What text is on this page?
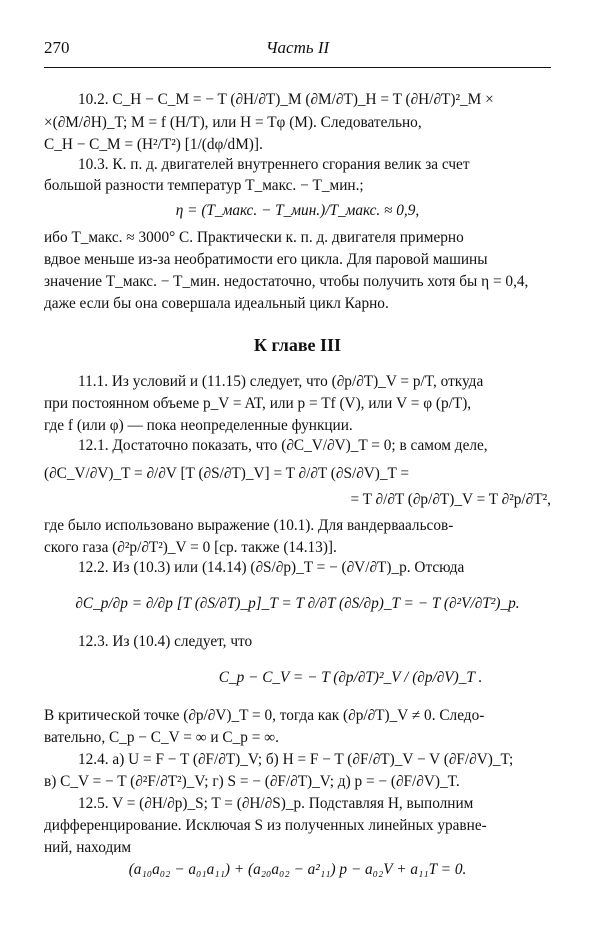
270	Часть II
10.2. C_H − C_M = − T (∂H/∂T)_M (∂M/∂T)_H = T (∂H/∂T)²_M ×
×(∂M/∂H)_T; M = f (H/T), или H = Tφ (M). Следовательно,
C_H − C_M = (H²/T²) [1/(dφ/dM)].
10.3. К. п. д. двигателей внутреннего сгорания велик за счет
большой разности температур T_макс. − T_мин.;
η = (T_макс. − T_мин.)/T_макс. ≈ 0,9,
ибо T_макс. ≈ 3000° C. Практически к. п. д. двигателя примерно
вдвое меньше из-за необратимости его цикла. Для паровой машины
значение T_макс. − T_мин. недостаточно, чтобы получить хотя бы η = 0,4,
даже если бы она совершала идеальный цикл Карно.
К главе III
11.1. Из условий и (11.15) следует, что (∂p/∂T)_V = p/T, откуда
при постоянном объеме p_V = AT, или p = Tf (V), или V = φ (p/T),
где f (или φ) — пока неопределенные функции.
12.1. Достаточно показать, что (∂C_V/∂V)_T = 0; в самом деле,
(∂C_V/∂V)_T = ∂/∂V [T (∂S/∂T)_V] = T ∂/∂T (∂S/∂V)_T =
= T ∂/∂T (∂p/∂T)_V = T ∂²p/∂T²,
где было использовано выражение (10.1). Для вандерваальсов-
ского газа (∂²p/∂T²)_V = 0 [ср. также (14.13)].
12.2. Из (10.3) или (14.14) (∂S/∂p)_T = − (∂V/∂T)_p. Отсюда
∂C_p/∂p = ∂/∂p [T (∂S/∂T)_p]_T = T ∂/∂T (∂S/∂p)_T = − T (∂²V/∂T²)_p.
12.3. Из (10.4) следует, что
C_p − C_V = − T (∂p/∂T)²_V / (∂p/∂V)_T .
В критической точке (∂p/∂V)_T = 0, тогда как (∂p/∂T)_V ≠ 0. Следо-
вательно, C_p − C_V = ∞ и C_p = ∞.
12.4. а) U = F − T (∂F/∂T)_V; б) H = F − T (∂F/∂T)_V − V (∂F/∂V)_T;
в) C_V = − T (∂²F/∂T²)_V; г) S = − (∂F/∂T)_V; д) p = − (∂F/∂V)_T.
12.5. V = (∂H/∂p)_S; T = (∂H/∂S)_p. Подставляя H, выполним
дифференцирование. Исключая S из полученных линейных уравне-
ний, находим
(a₁₀a₀₂ − a₀₁a₁₁) + (a₂₀a₀₂ − a²₁₁) p − a₀₂V + a₁₁T = 0.
